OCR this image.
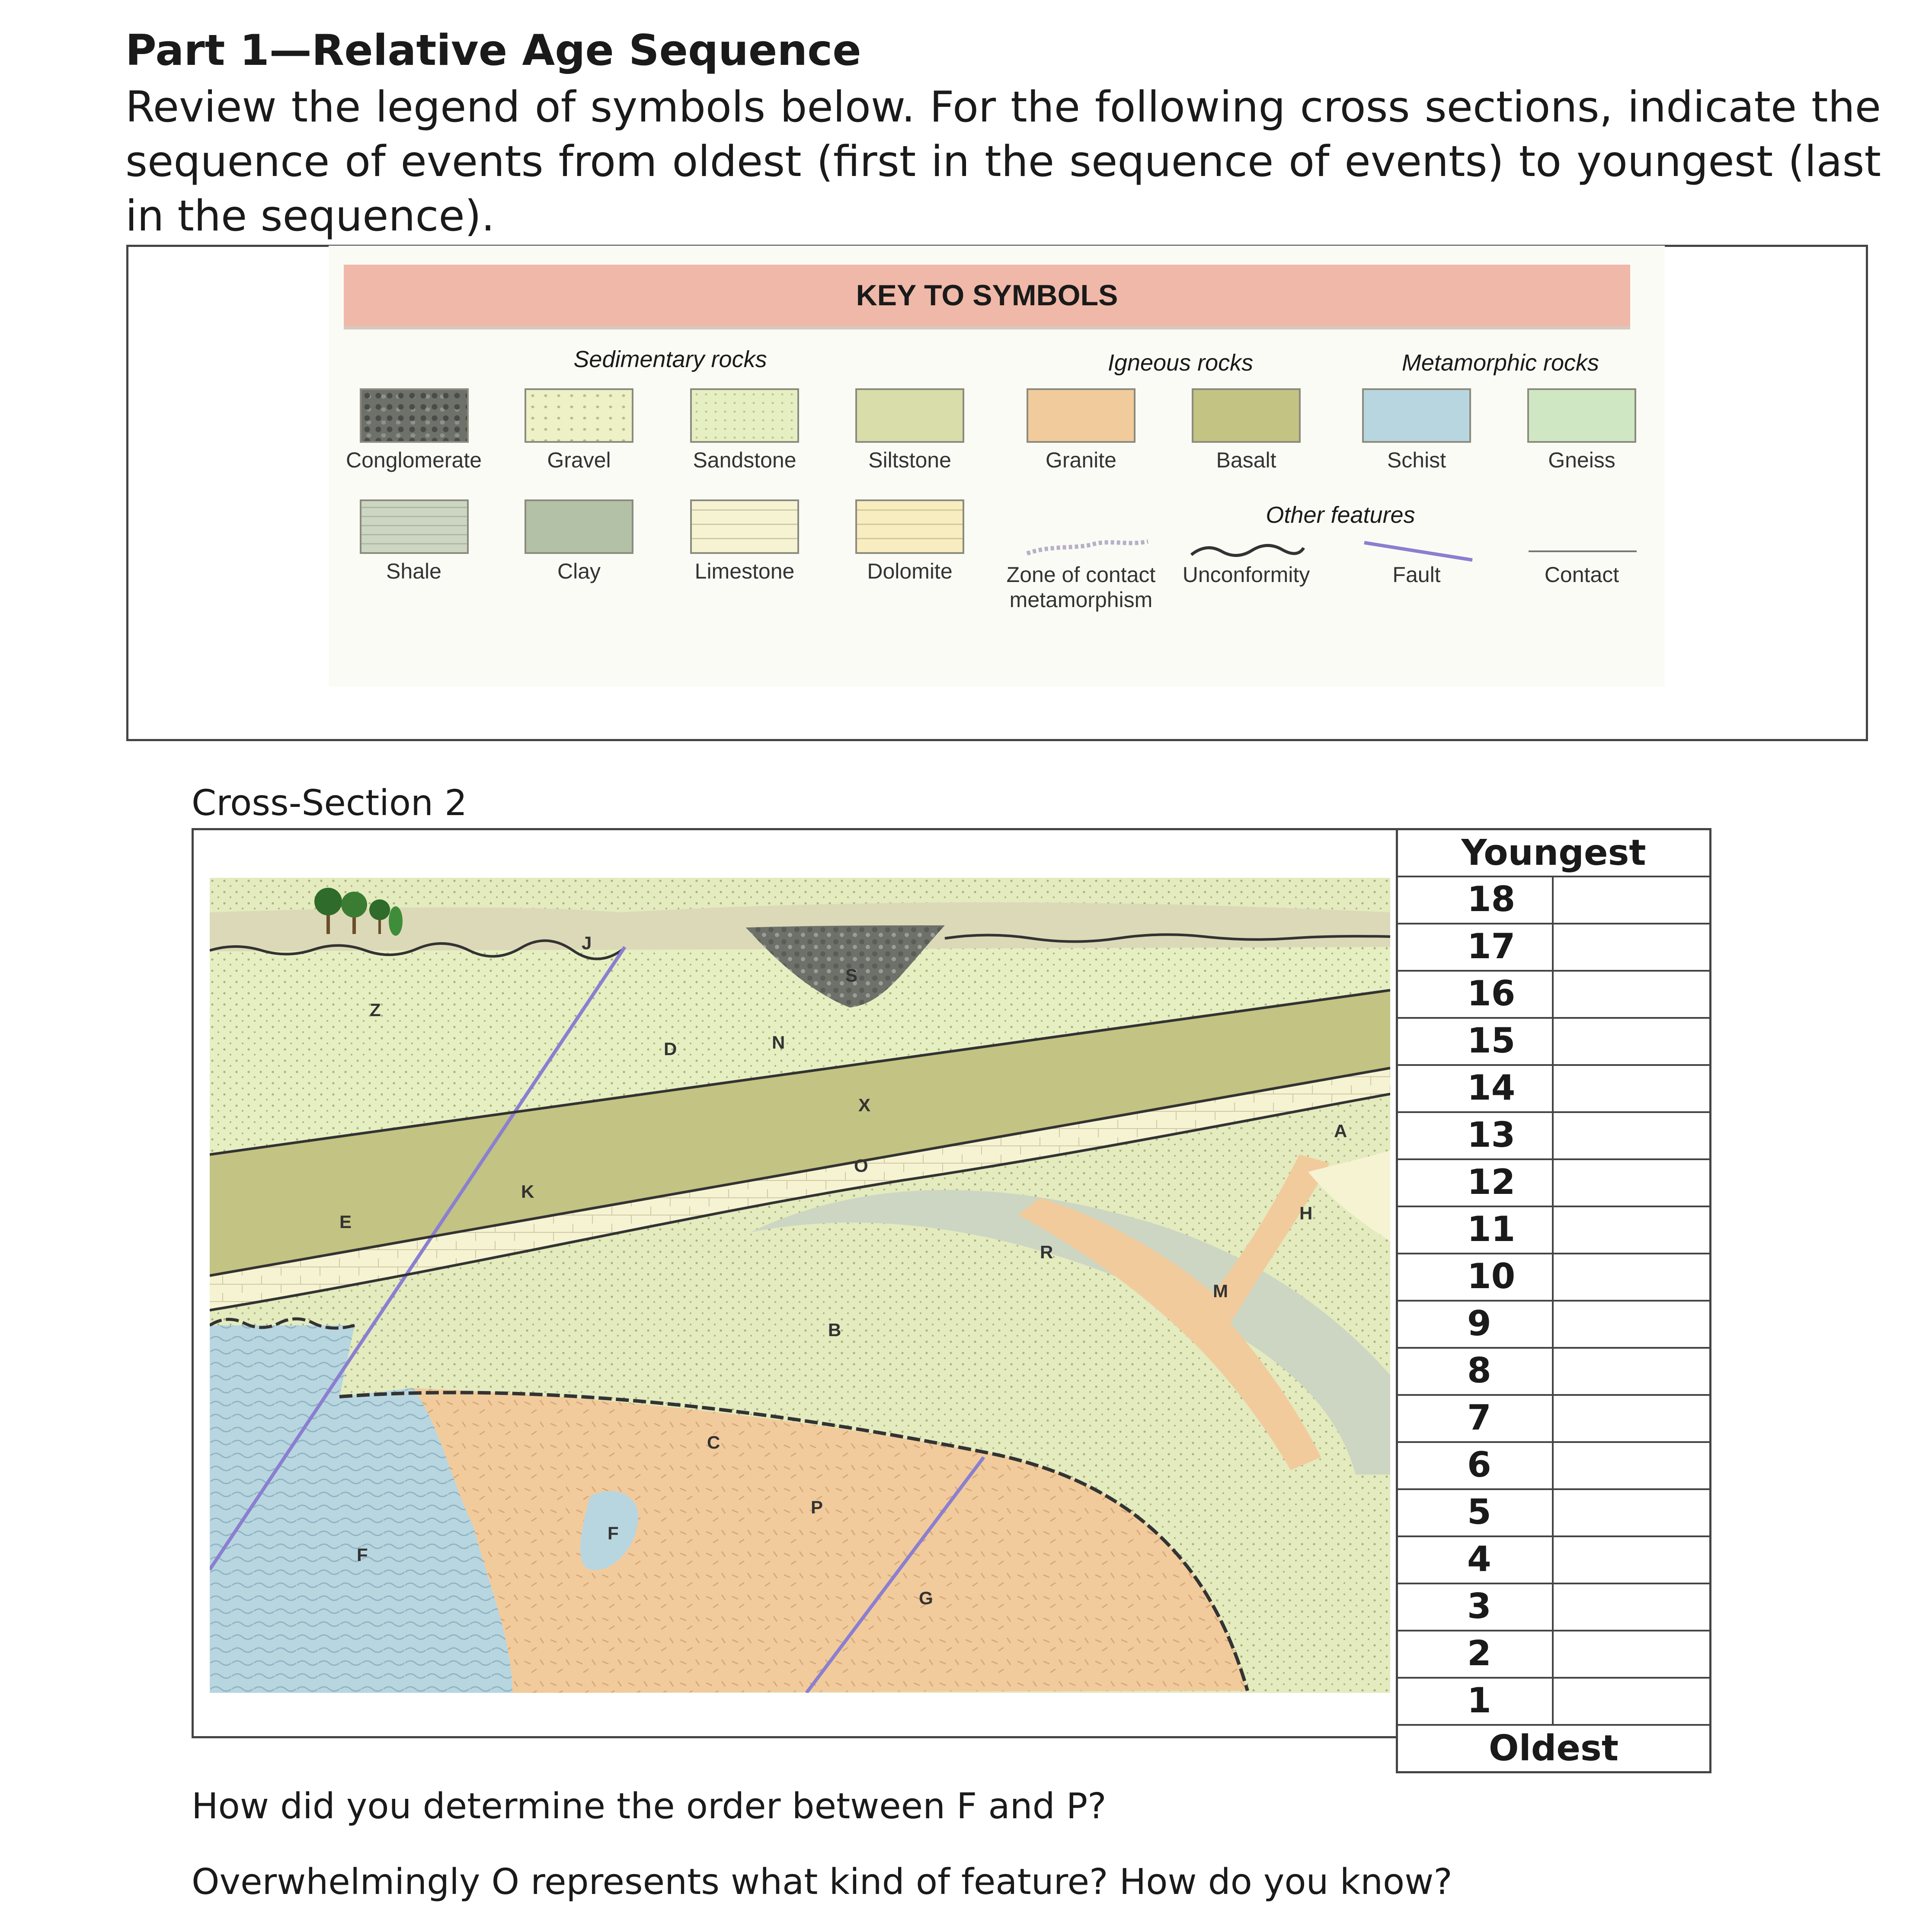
Part 1—Relative Age Sequence
Review the legend of symbols below. For the following cross sections, indicate the sequence of events from oldest (first in the sequence of events) to youngest (last in the sequence).
KEY TO SYMBOLS
Sedimentary rocks	Igneous rocks	Metamorphic rocks
Other features
Conglomerate	Gravel	Sandstone	Siltstone	Granite	Basalt	Schist	Gneiss
Shale	Clay	Limestone	Dolomite	Zone of contact metamorphism
Unconformity	Fault	Contact
Cross-Section 2
J
S
Z
D	N
X
A
O
K
E	H
R
M
B
C
P
F
F
G
Youngest
18
17
16
15
14
13
12
11
10
9
8
7
6
5
4
3
2
1
Oldest
How did you determine the order between F and P?
Overwhelmingly O represents what kind of feature? How do you know?
